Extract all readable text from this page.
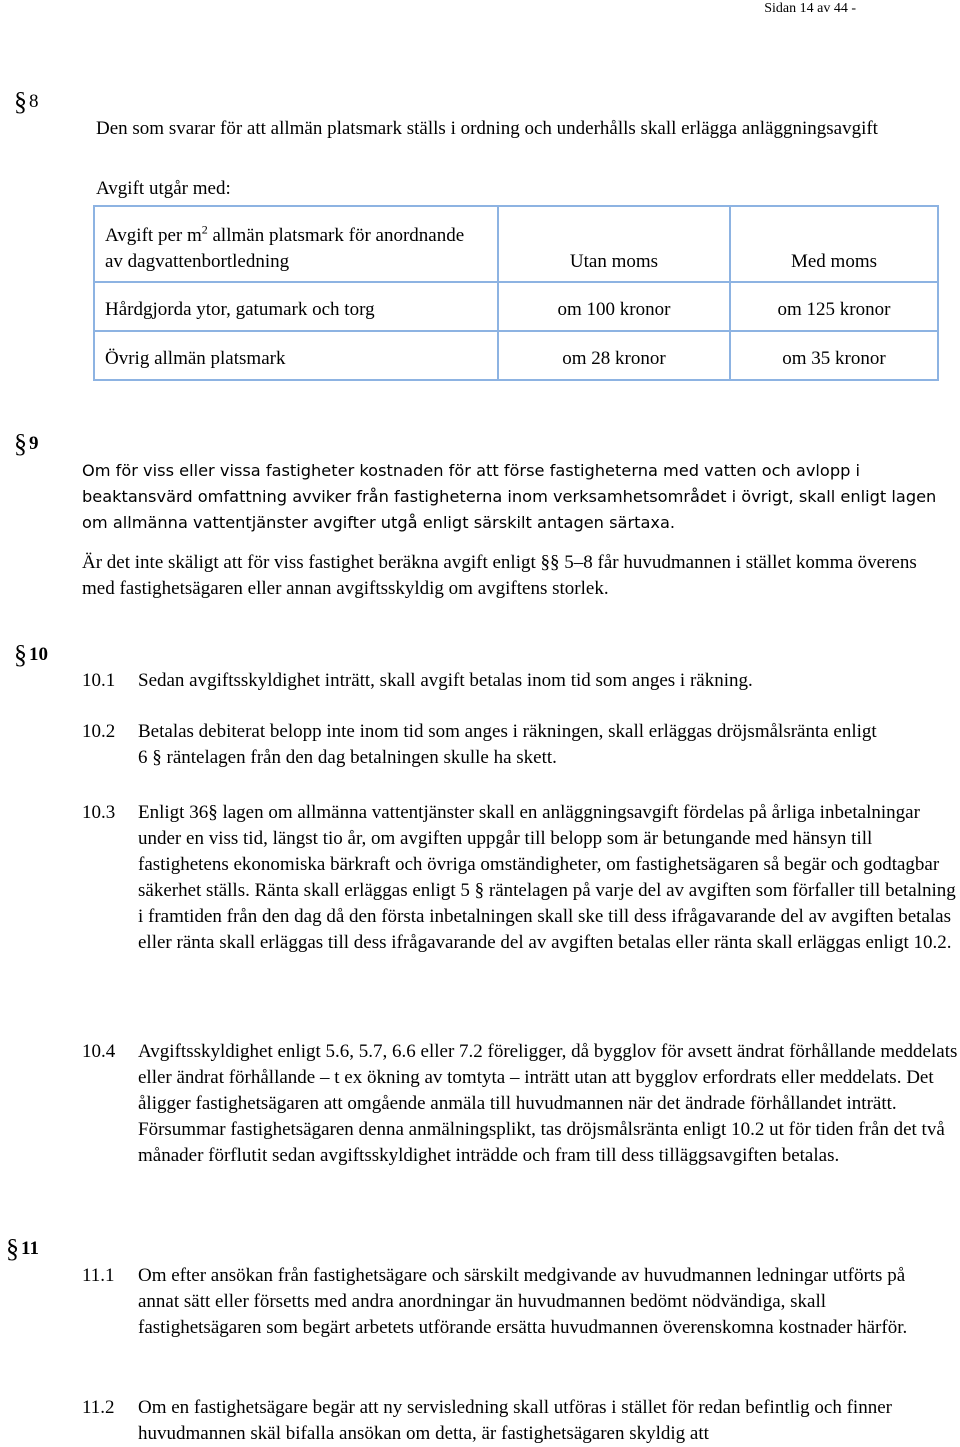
Sidan 14 av 44 -
§ 8

Den som svarar för att allmän platsmark ställs i ordning och underhålls skall erlägga anläggningsavgift

Avgift utgår med:

Avgift per $m^2$ allmän platsmark för anordnande
av dagvattenbortledning	Utan moms	Med moms
Hårdgjorda ytor, gatumark och torg	om 100 kronor	om 125 kronor
Övrig allmän platsmark	om 28 kronor	om 35 kronor
§ 9

Om för viss eller vissa fastigheter kostnaden för att förse fastigheterna med vatten och avlopp i beaktansvärd omfattning avviker från fastigheterna inom verksamhetsområdet i övrigt, skall enligt lagen om allmänna vattentjänster avgifter utgå enligt särskilt antagen särtaxa.

Är det inte skäligt att för viss fastighet beräkna avgift enligt §§ 5–8 får huvudmannen i stället komma överens med fastighetsägaren eller annan avgiftsskyldig om avgiftens storlek.

§ 10
10.1	Sedan avgiftsskyldighet inträtt, skall avgift betalas inom tid som anges i räkning.
10.2	Betalas debiterat belopp inte inom tid som anges i räkningen, skall erläggas dröjsmålsränta enligt 6 § räntelagen från den dag betalningen skulle ha skett.
10.3	Enligt 36§ lagen om allmänna vattentjänster skall en anläggningsavgift fördelas på årliga inbetalningar under en viss tid, längst tio år, om avgiften uppgår till belopp som är betungande med hänsyn till fastighetens ekonomiska bärkraft och övriga omständigheter, om fastighetsägaren så begär och godtagbar säkerhet ställs. Ränta skall erläggas enligt 5 § räntelagen på varje del av avgiften som förfaller till betalning i framtiden från den dag då den första inbetalningen skall ske till dess ifrågavarande del av avgiften betalas eller ränta skall erläggas till dess ifrågavarande del av avgiften betalas eller ränta skall erläggas enligt 10.2.
10.4	Avgiftsskyldighet enligt 5.6, 5.7, 6.6 eller 7.2 föreligger, då bygglov för avsett ändrat förhållande meddelats eller ändrat förhållande – t ex ökning av tomtyta – inträtt utan att bygglov erfordrats eller meddelats. Det åligger fastighetsägaren att omgående anmäla till huvudmannen när det ändrade förhållandet inträtt. Försummar fastighetsägaren denna anmälningsplikt, tas dröjsmålsränta enligt 10.2 ut för tiden från det två månader förflutit sedan avgiftsskyldighet inträdde och fram till dess tilläggsavgiften betalas.
§ 11
11.1	Om efter ansökan från fastighetsägare och särskilt medgivande av huvudmannen ledningar utförts på annat sätt eller försetts med andra anordningar än huvudmannen bedömt nödvändiga, skall fastighetsägaren som begärt arbetets utförande ersätta huvudmannen överenskomna kostnader härför.
11.2	Om en fastighetsägare begär att ny servisledning skall utföras i stället för redan befintlig och finner huvudmannen skäl bifalla ansökan om detta, är fastighetsägaren skyldig att
